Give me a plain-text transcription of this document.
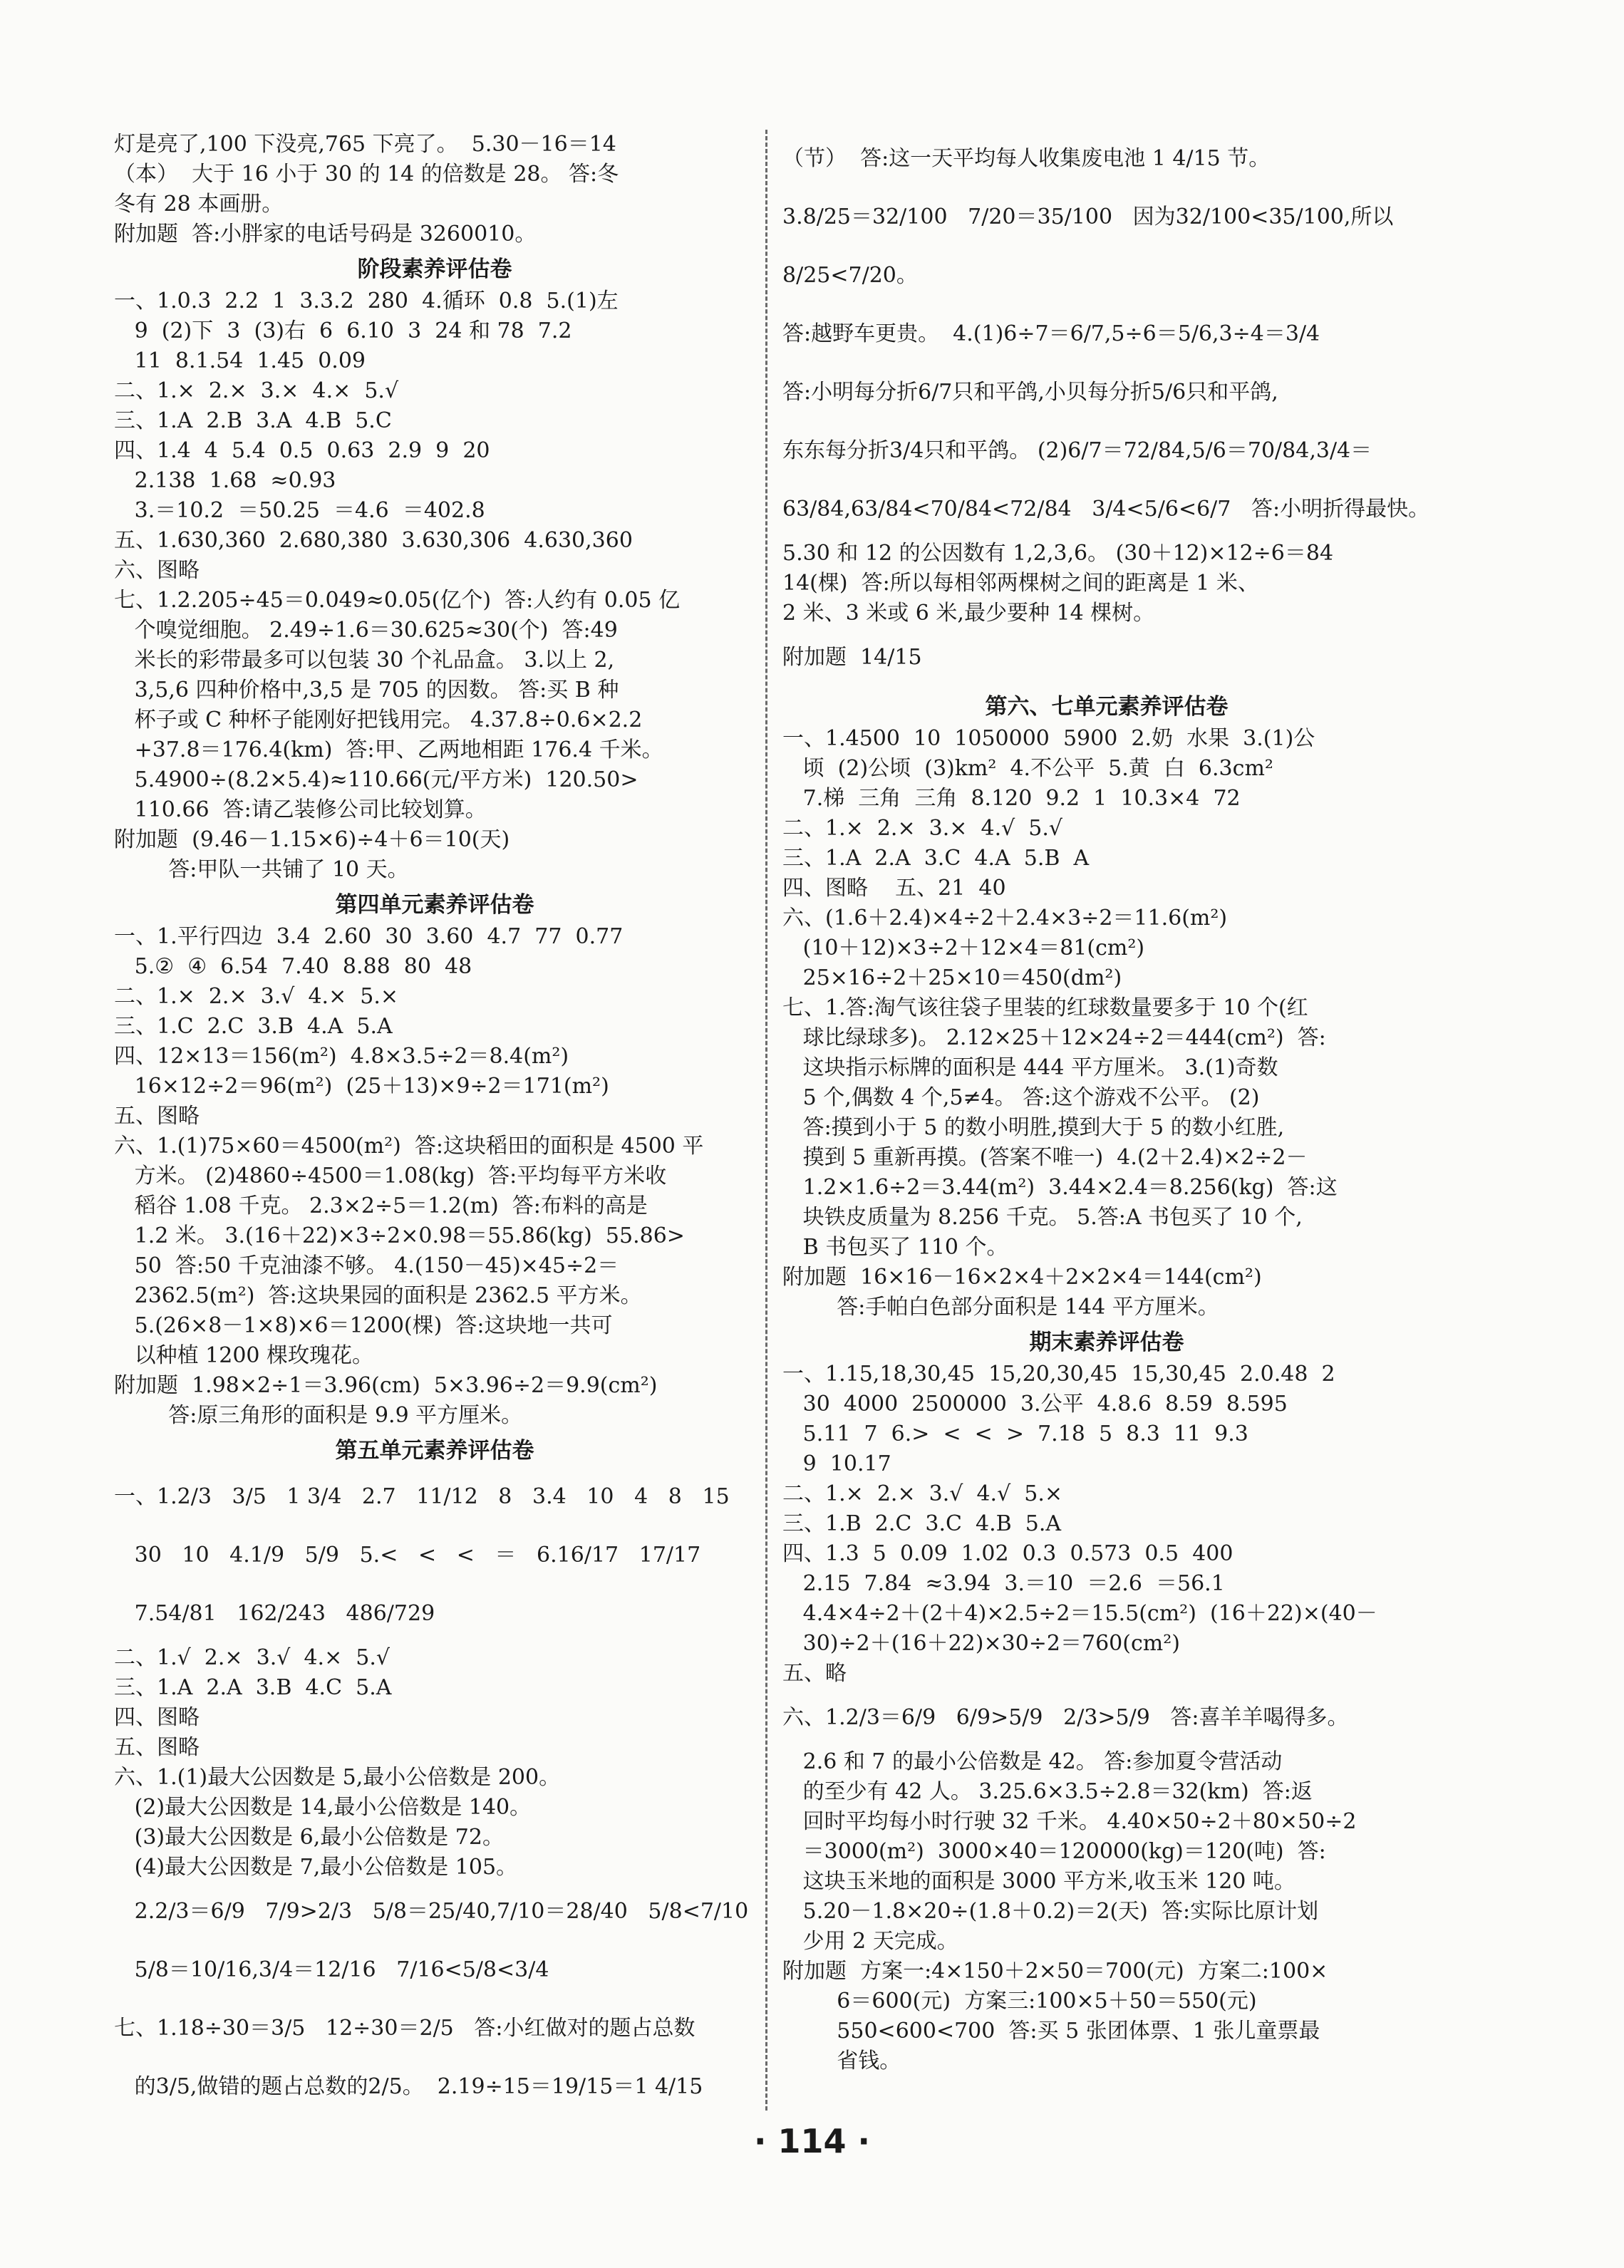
灯是亮了,100 下没亮,765 下亮了。  5.30－16＝14

（本）  大于 16 小于 30 的 14 的倍数是 28。 答:冬

冬有 28 本画册。

附加题  答:小胖家的电话号码是 3260010。

阶段素养评估卷

一、1.0.3  2.2  1  3.3.2  280  4.循环  0.8  5.(1)左

9  (2)下  3  (3)右  6  6.10  3  24 和 78  7.2

11  8.1.54  1.45  0.09

二、1.×  2.×  3.×  4.×  5.√

三、1.A  2.B  3.A  4.B  5.C

四、1.4  4  5.4  0.5  0.63  2.9  9  20

2.138  1.68  ≈0.93

3.＝10.2  ＝50.25  ＝4.6  ＝402.8

五、1.630,360  2.680,380  3.630,306  4.630,360

六、图略

七、1.2.205÷45＝0.049≈0.05(亿个)  答:人约有 0.05 亿

个嗅觉细胞。 2.49÷1.6＝30.625≈30(个)  答:49

米长的彩带最多可以包装 30 个礼品盒。 3.以上 2,

3,5,6 四种价格中,3,5 是 705 的因数。 答:买 B 种

杯子或 C 种杯子能刚好把钱用完。 4.37.8÷0.6×2.2

+37.8＝176.4(km)  答:甲、乙两地相距 176.4 千米。

5.4900÷(8.2×5.4)≈110.66(元/平方米)  120.50>

110.66  答:请乙装修公司比较划算。

附加题  (9.46－1.15×6)÷4＋6＝10(天)

答:甲队一共铺了 10 天。

第四单元素养评估卷

一、1.平行四边  3.4  2.60  30  3.60  4.7  77  0.77

5.②  ④  6.54  7.40  8.88  80  48

二、1.×  2.×  3.√  4.×  5.×

三、1.C  2.C  3.B  4.A  5.A

四、12×13＝156(m²)  4.8×3.5÷2＝8.4(m²)

16×12÷2＝96(m²)  (25＋13)×9÷2＝171(m²)

五、图略

六、1.(1)75×60＝4500(m²)  答:这块稻田的面积是 4500 平

方米。 (2)4860÷4500＝1.08(kg)  答:平均每平方米收

稻谷 1.08 千克。 2.3×2÷5＝1.2(m)  答:布料的高是

1.2 米。 3.(16＋22)×3÷2×0.98＝55.86(kg)  55.86>

50  答:50 千克油漆不够。 4.(150－45)×45÷2＝

2362.5(m²)  答:这块果园的面积是 2362.5 平方米。

5.(26×8－1×8)×6＝1200(棵)  答:这块地一共可

以种植 1200 棵玫瑰花。

附加题  1.98×2÷1＝3.96(cm)  5×3.96÷2＝9.9(cm²)

答:原三角形的面积是 9.9 平方厘米。

第五单元素养评估卷

一、1.2/3   3/5   1 3/4   2.7   11/12   8   3.4   10   4   8   15

30   10   4.1/9   5/9   5.<   <   <   ＝   6.16/17   17/17

7.54/81   162/243   486/729

二、1.√  2.×  3.√  4.×  5.√

三、1.A  2.A  3.B  4.C  5.A

四、图略

五、图略

六、1.(1)最大公因数是 5,最小公倍数是 200。

(2)最大公因数是 14,最小公倍数是 140。

(3)最大公因数是 6,最小公倍数是 72。

(4)最大公因数是 7,最小公倍数是 105。

2.2/3＝6/9   7/9>2/3   5/8＝25/40,7/10＝28/40   5/8<7/10

5/8＝10/16,3/4＝12/16   7/16<5/8<3/4

七、1.18÷30＝3/5   12÷30＝2/5   答:小红做对的题占总数

的3/5,做错的题占总数的2/5。  2.19÷15＝19/15＝1 4/15

（节）  答:这一天平均每人收集废电池 1 4/15 节。

3.8/25＝32/100   7/20＝35/100   因为32/100<35/100,所以8/25<7/20。

答:越野车更贵。  4.(1)6÷7＝6/7,5÷6＝5/6,3÷4＝3/4

答:小明每分折6/7只和平鸽,小贝每分折5/6只和平鸽,

东东每分折3/4只和平鸽。 (2)6/7＝72/84,5/6＝70/84,3/4＝

63/84,63/84<70/84<72/84   3/4<5/6<6/7   答:小明折得最快。

5.30 和 12 的公因数有 1,2,3,6。 (30＋12)×12÷6＝84

14(棵)  答:所以每相邻两棵树之间的距离是 1 米、

2 米、3 米或 6 米,最少要种 14 棵树。

附加题  14/15

第六、七单元素养评估卷

一、1.4500  10  1050000  5900  2.奶  水果  3.(1)公

顷  (2)公顷  (3)km²  4.不公平  5.黄  白  6.3cm²

7.梯  三角  三角  8.120  9.2  1  10.3×4  72

二、1.×  2.×  3.×  4.√  5.√

三、1.A  2.A  3.C  4.A  5.B  A

四、图略    五、21  40

六、(1.6＋2.4)×4÷2＋2.4×3÷2＝11.6(m²)

(10＋12)×3÷2＋12×4＝81(cm²)

25×16÷2＋25×10＝450(dm²)

七、1.答:淘气该往袋子里装的红球数量要多于 10 个(红

球比绿球多)。 2.12×25＋12×24÷2＝444(cm²)  答:

这块指示标牌的面积是 444 平方厘米。 3.(1)奇数

5 个,偶数 4 个,5≠4。 答:这个游戏不公平。 (2)

答:摸到小于 5 的数小明胜,摸到大于 5 的数小红胜,

摸到 5 重新再摸。(答案不唯一)  4.(2＋2.4)×2÷2－

1.2×1.6÷2＝3.44(m²)  3.44×2.4＝8.256(kg)  答:这

块铁皮质量为 8.256 千克。 5.答:A 书包买了 10 个,

B 书包买了 110 个。

附加题  16×16－16×2×4＋2×2×4＝144(cm²)

答:手帕白色部分面积是 144 平方厘米。

期末素养评估卷

一、1.15,18,30,45  15,20,30,45  15,30,45  2.0.48  2

30  4000  2500000  3.公平  4.8.6  8.59  8.595

5.11  7  6.>  <  <  >  7.18  5  8.3  11  9.3

9  10.17

二、1.×  2.×  3.√  4.√  5.×

三、1.B  2.C  3.C  4.B  5.A

四、1.3  5  0.09  1.02  0.3  0.573  0.5  400

2.15  7.84  ≈3.94  3.＝10  ＝2.6  ＝56.1

4.4×4÷2＋(2＋4)×2.5÷2＝15.5(cm²)  (16＋22)×(40－

30)÷2＋(16＋22)×30÷2＝760(cm²)

五、略

六、1.2/3＝6/9   6/9>5/9   2/3>5/9   答:喜羊羊喝得多。

2.6 和 7 的最小公倍数是 42。 答:参加夏令营活动

的至少有 42 人。 3.25.6×3.5÷2.8＝32(km)  答:返

回时平均每小时行驶 32 千米。 4.40×50÷2＋80×50÷2

＝3000(m²)  3000×40＝120000(kg)＝120(吨)  答:

这块玉米地的面积是 3000 平方米,收玉米 120 吨。

5.20－1.8×20÷(1.8＋0.2)＝2(天)  答:实际比原计划

少用 2 天完成。

附加题  方案一:4×150＋2×50＝700(元)  方案二:100×

6＝600(元)  方案三:100×5＋50＝550(元)

550<600<700  答:买 5 张团体票、1 张儿童票最

省钱。

· 114 ·
